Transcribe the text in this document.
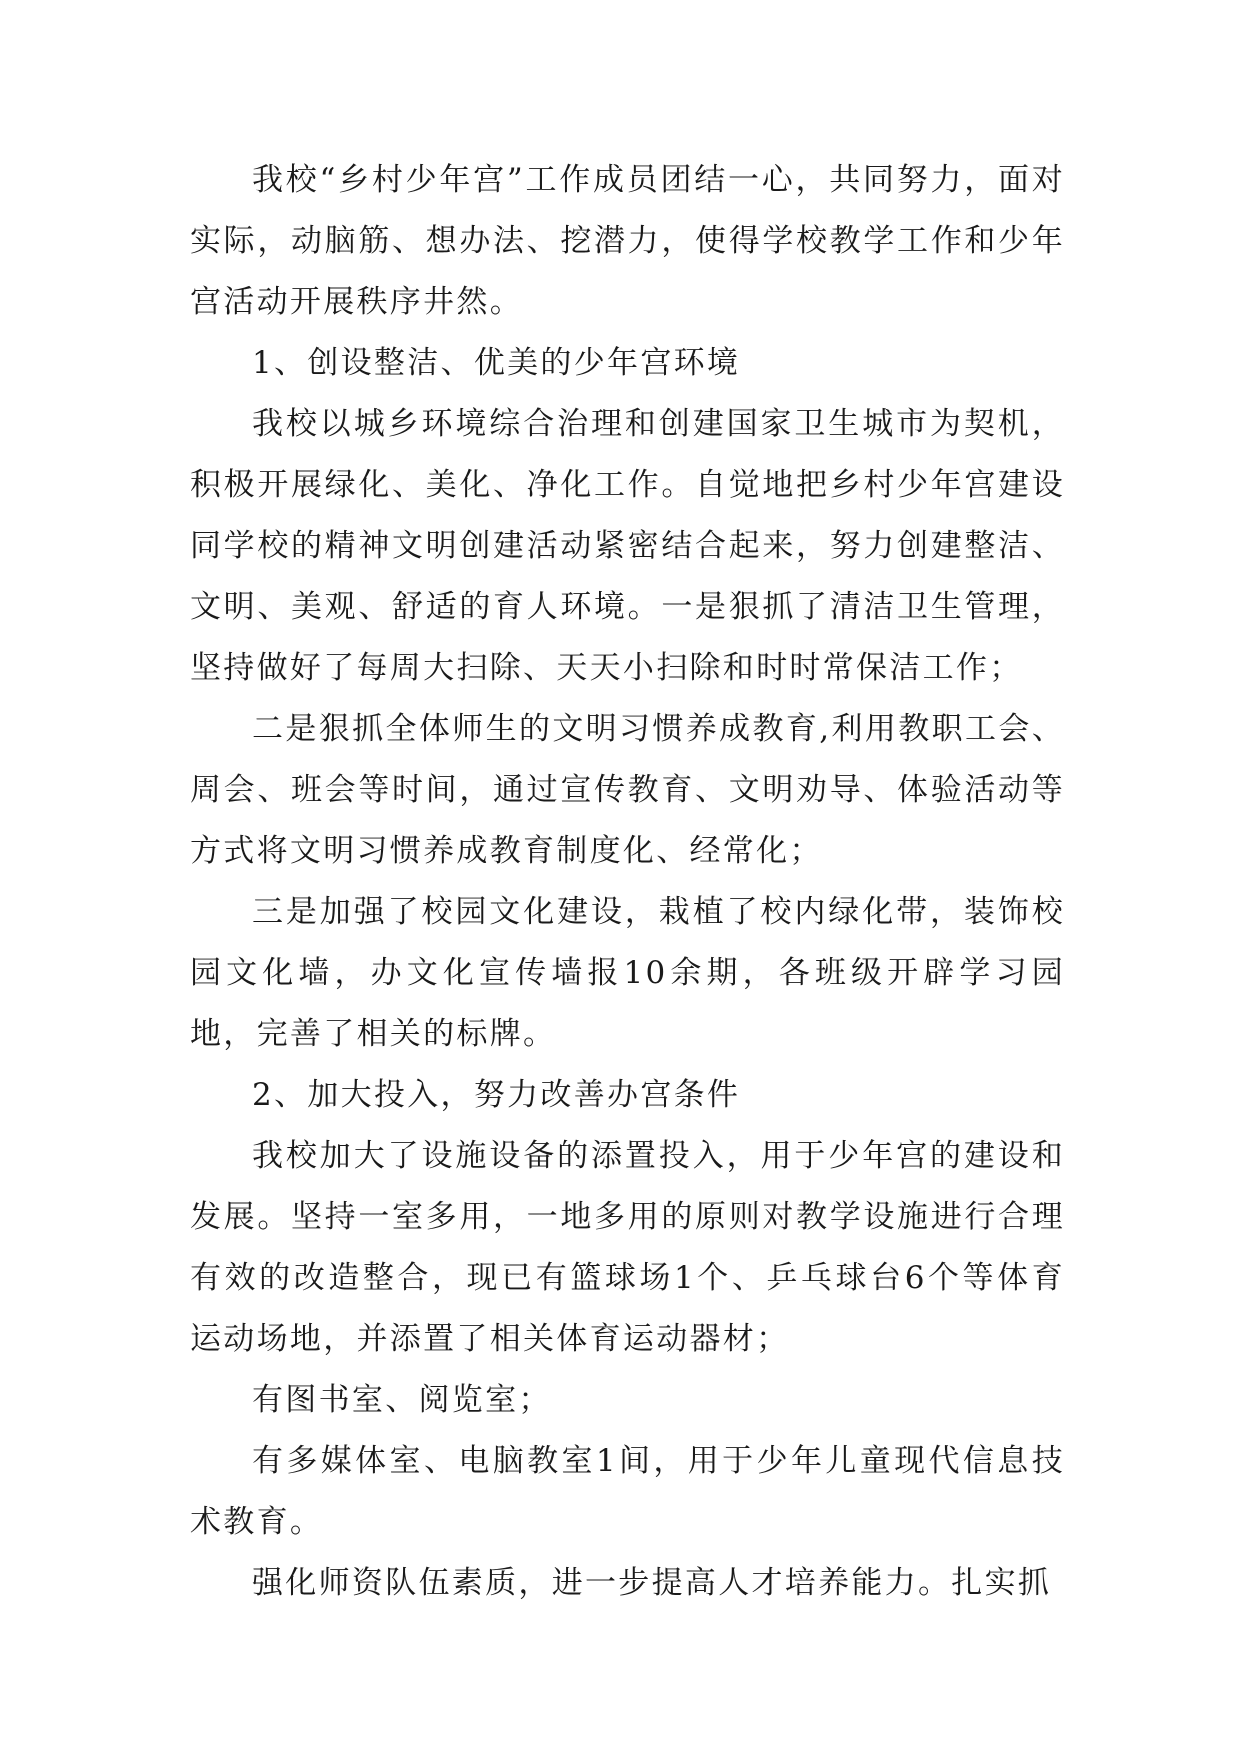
我校“乡村少年宫”工作成员团结一心，共同努力，面对实际，动脑筋、想办法、挖潜力，使得学校教学工作和少年宫活动开展秩序井然。

1、创设整洁、优美的少年宫环境

我校以城乡环境综合治理和创建国家卫生城市为契机，积极开展绿化、美化、净化工作。自觉地把乡村少年宫建设同学校的精神文明创建活动紧密结合起来，努力创建整洁、文明、美观、舒适的育人环境。一是狠抓了清洁卫生管理，坚持做好了每周大扫除、天天小扫除和时时常保洁工作；

二是狠抓全体师生的文明习惯养成教育,利用教职工会、周会、班会等时间，通过宣传教育、文明劝导、体验活动等方式将文明习惯养成教育制度化、经常化；

三是加强了校园文化建设，栽植了校内绿化带，装饰校园文化墙，办文化宣传墙报10余期，各班级开辟学习园地，完善了相关的标牌。

2、加大投入，努力改善办宫条件

我校加大了设施设备的添置投入，用于少年宫的建设和发展。坚持一室多用，一地多用的原则对教学设施进行合理有效的改造整合，现已有篮球场1个、乒乓球台6个等体育运动场地，并添置了相关体育运动器材；

有图书室、阅览室；

有多媒体室、电脑教室1间，用于少年儿童现代信息技术教育。

强化师资队伍素质，进一步提高人才培养能力。扎实抓
